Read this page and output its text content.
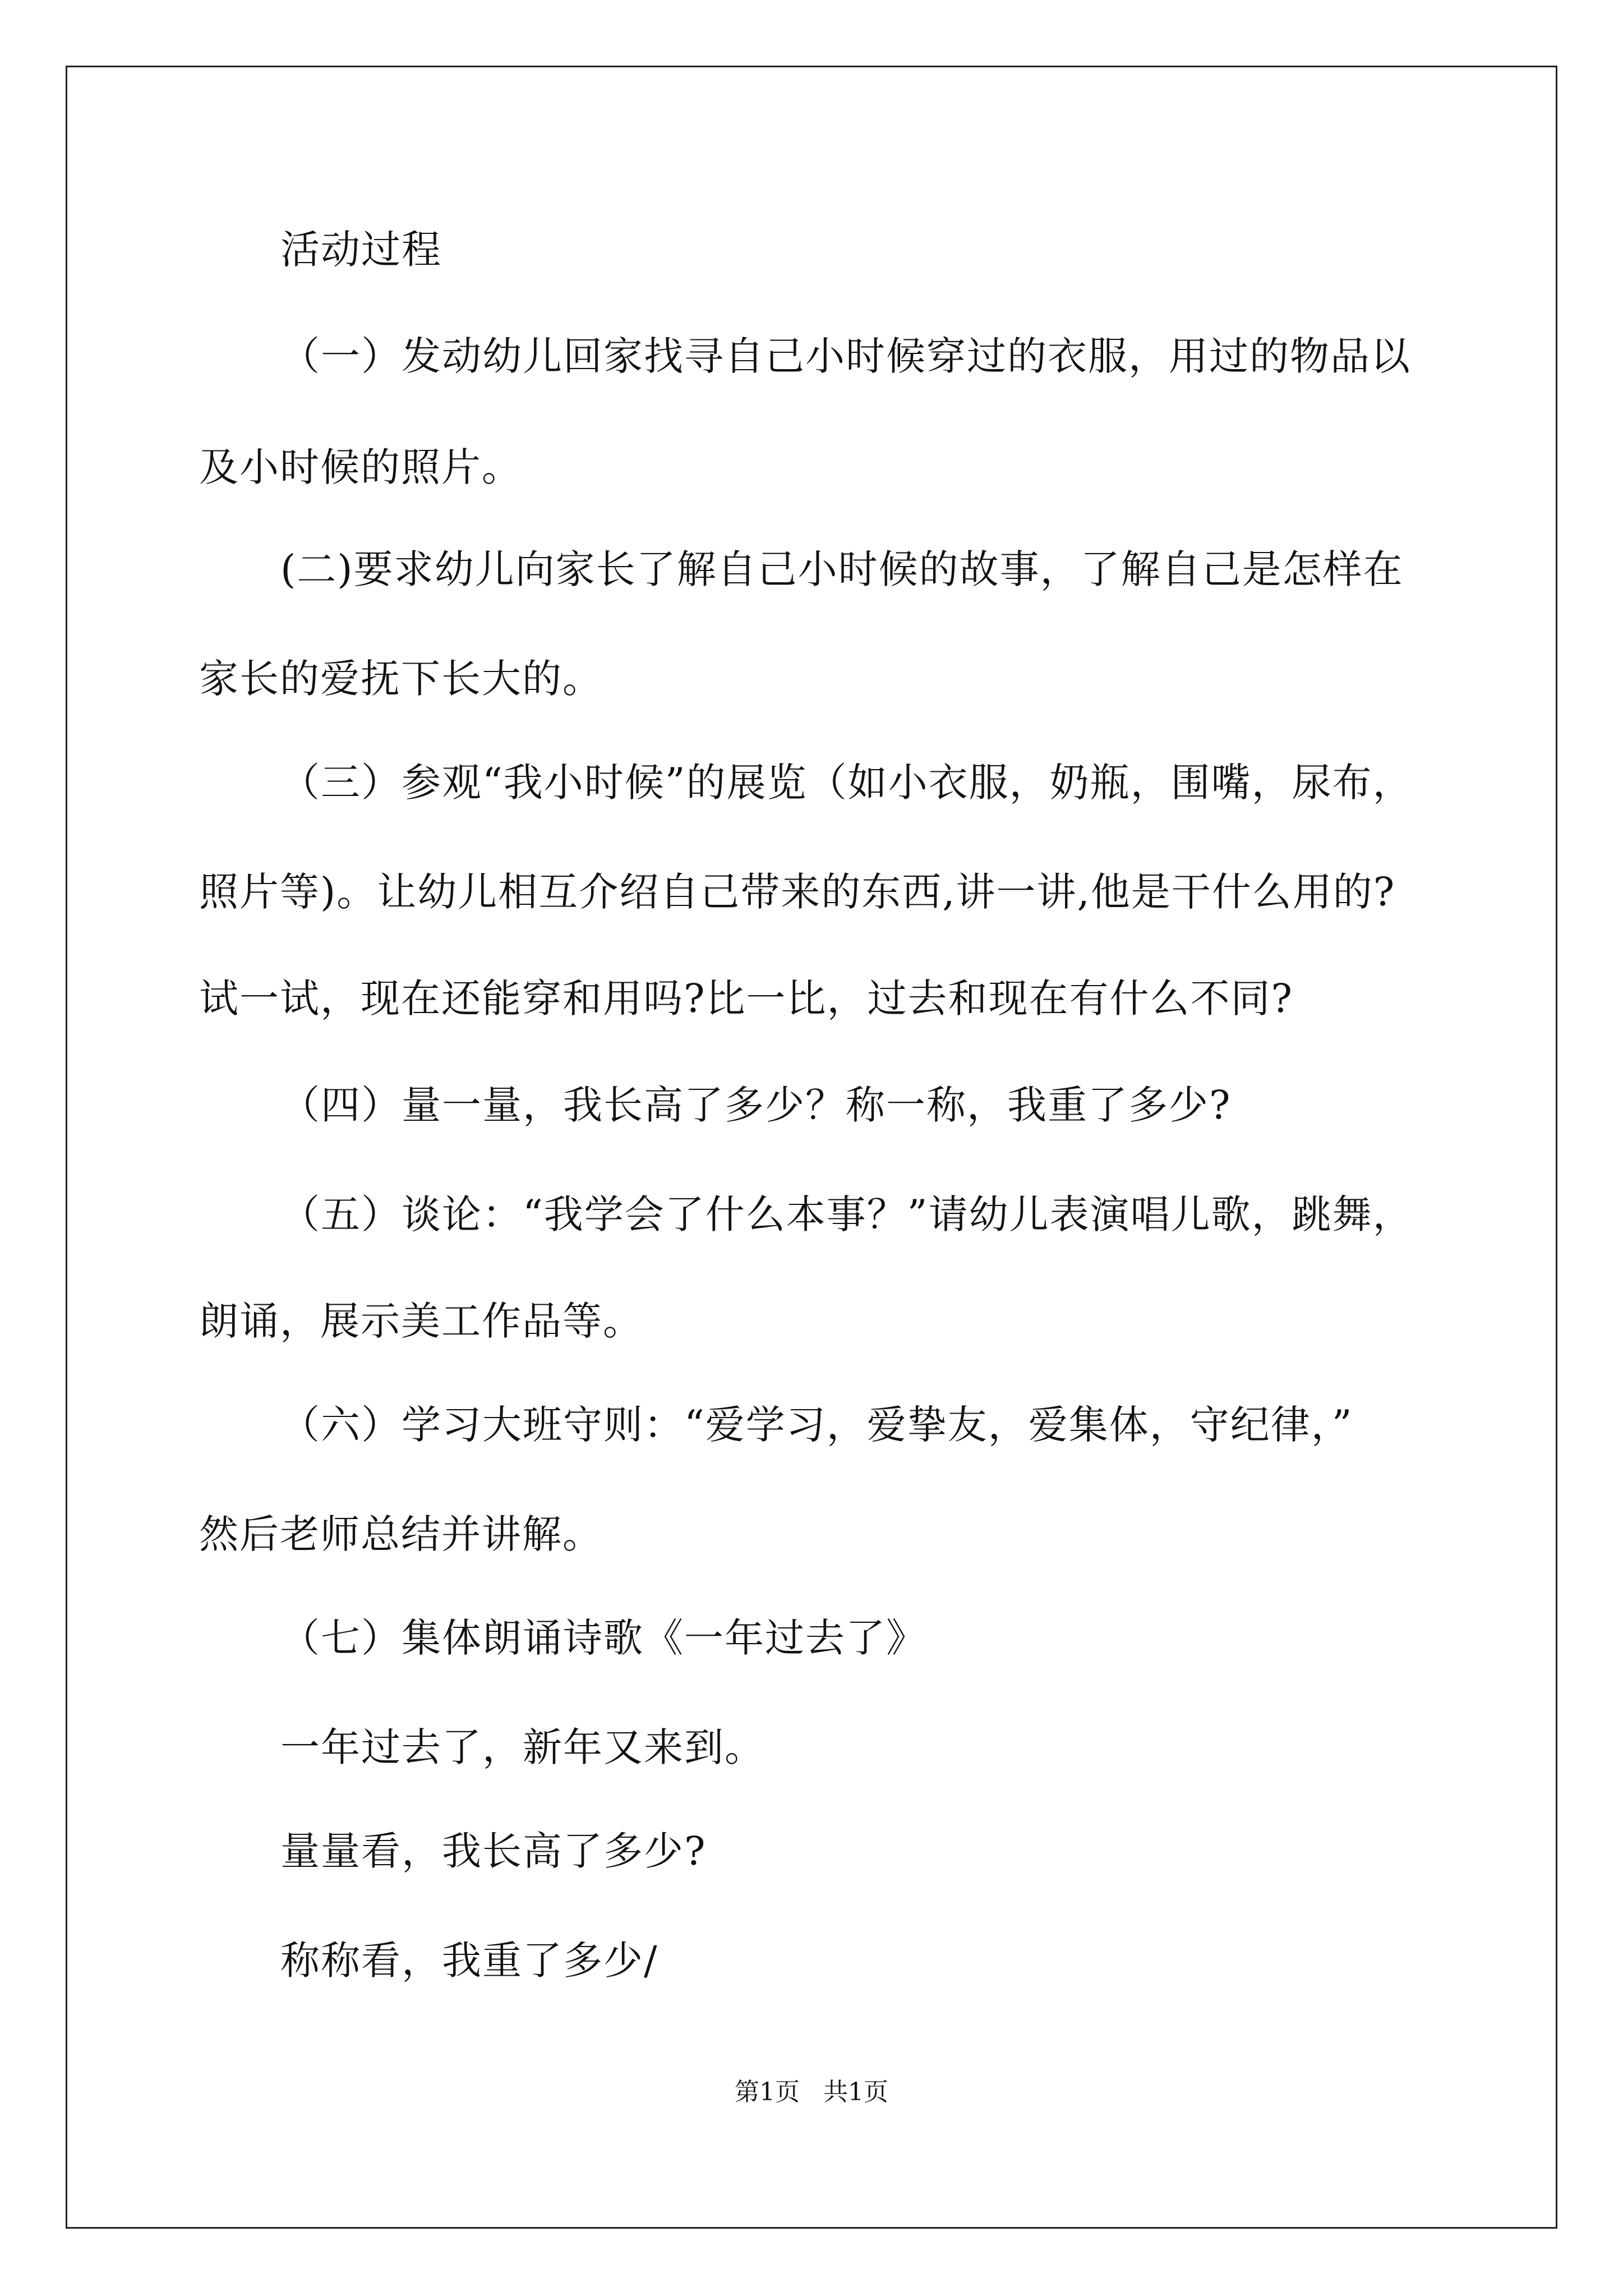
活动过程
（一）发动幼儿回家找寻自己小时候穿过的衣服，用过的物品以
及小时候的照片。
(二)要求幼儿向家长了解自己小时候的故事，了解自己是怎样在
家长的爱抚下长大的。
（三）参观“我小时候”的展览（如小衣服，奶瓶，围嘴，尿布，
照片等)。让幼儿相互介绍自己带来的东西,讲一讲,他是干什么用的?
试一试，现在还能穿和用吗?比一比，过去和现在有什么不同?
（四）量一量，我长高了多少？称一称，我重了多少?
（五）谈论：“我学会了什么本事？”请幼儿表演唱儿歌，跳舞，
朗诵，展示美工作品等。
（六）学习大班守则：“爱学习，爱挚友，爱集体，守纪律，”
然后老师总结并讲解。
（七）集体朗诵诗歌《一年过去了》
一年过去了，新年又来到。
量量看，我长高了多少?
称称看，我重了多少/
第1页   共1页
